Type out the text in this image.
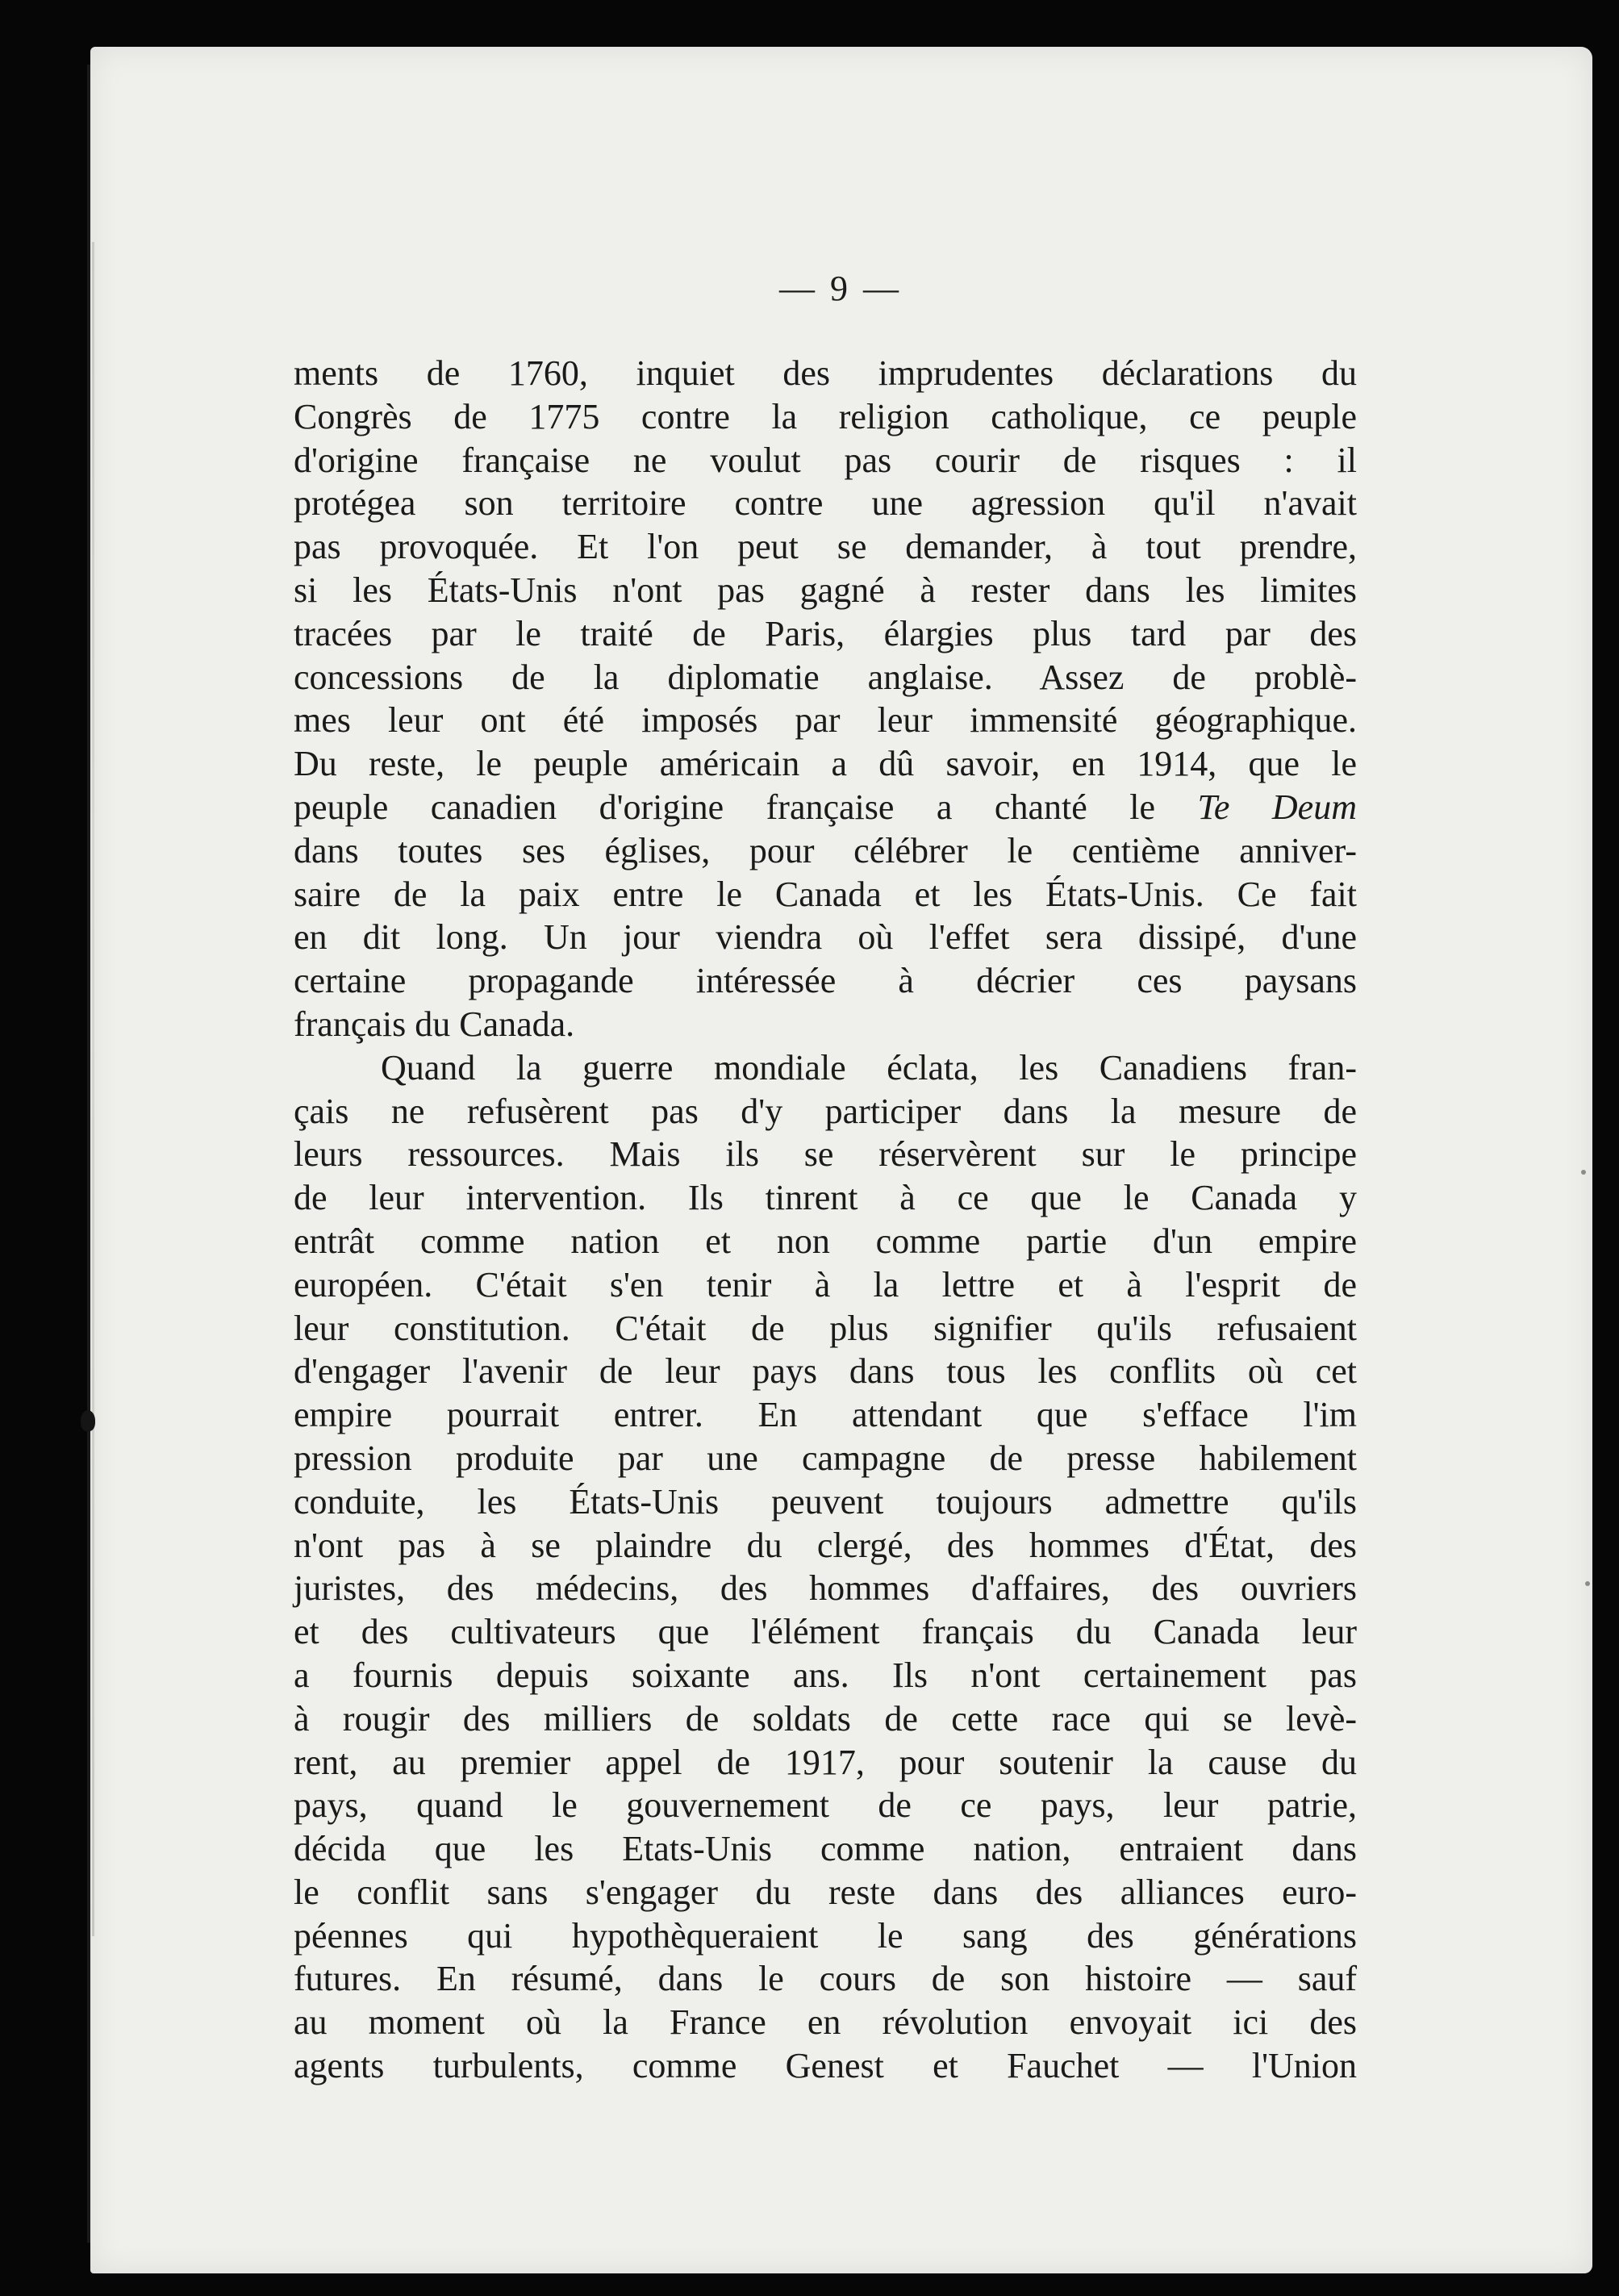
— 9 —
ments de 1760, inquiet des imprudentes déclarations du
Congrès de 1775 contre la religion catholique, ce peuple
d'origine française ne voulut pas courir de risques : il
protégea son territoire contre une agression qu'il n'avait
pas provoquée. Et l'on peut se demander, à tout prendre,
si les États-Unis n'ont pas gagné à rester dans les limites
tracées par le traité de Paris, élargies plus tard par des
concessions de la diplomatie anglaise. Assez de problè-
mes leur ont été imposés par leur immensité géographique.
Du reste, le peuple américain a dû savoir, en 1914, que le
peuple canadien d'origine française a chanté le Te Deum
dans toutes ses églises, pour célébrer le centième anniver-
saire de la paix entre le Canada et les États-Unis. Ce fait
en dit long. Un jour viendra où l'effet sera dissipé, d'une
certaine propagande intéressée à décrier ces paysans
français du Canada.
Quand la guerre mondiale éclata, les Canadiens fran-
çais ne refusèrent pas d'y participer dans la mesure de
leurs ressources. Mais ils se réservèrent sur le principe
de leur intervention. Ils tinrent à ce que le Canada y
entrât comme nation et non comme partie d'un empire
européen. C'était s'en tenir à la lettre et à l'esprit de
leur constitution. C'était de plus signifier qu'ils refusaient
d'engager l'avenir de leur pays dans tous les conflits où cet
empire pourrait entrer. En attendant que s'efface l'im
pression produite par une campagne de presse habilement
conduite, les États-Unis peuvent toujours admettre qu'ils
n'ont pas à se plaindre du clergé, des hommes d'État, des
juristes, des médecins, des hommes d'affaires, des ouvriers
et des cultivateurs que l'élément français du Canada leur
a fournis depuis soixante ans. Ils n'ont certainement pas
à rougir des milliers de soldats de cette race qui se levè-
rent, au premier appel de 1917, pour soutenir la cause du
pays, quand le gouvernement de ce pays, leur patrie,
décida que les Etats-Unis comme nation, entraient dans
le conflit sans s'engager du reste dans des alliances euro-
péennes qui hypothèqueraient le sang des générations
futures. En résumé, dans le cours de son histoire — sauf
au moment où la France en révolution envoyait ici des
agents turbulents, comme Genest et Fauchet — l'Union
